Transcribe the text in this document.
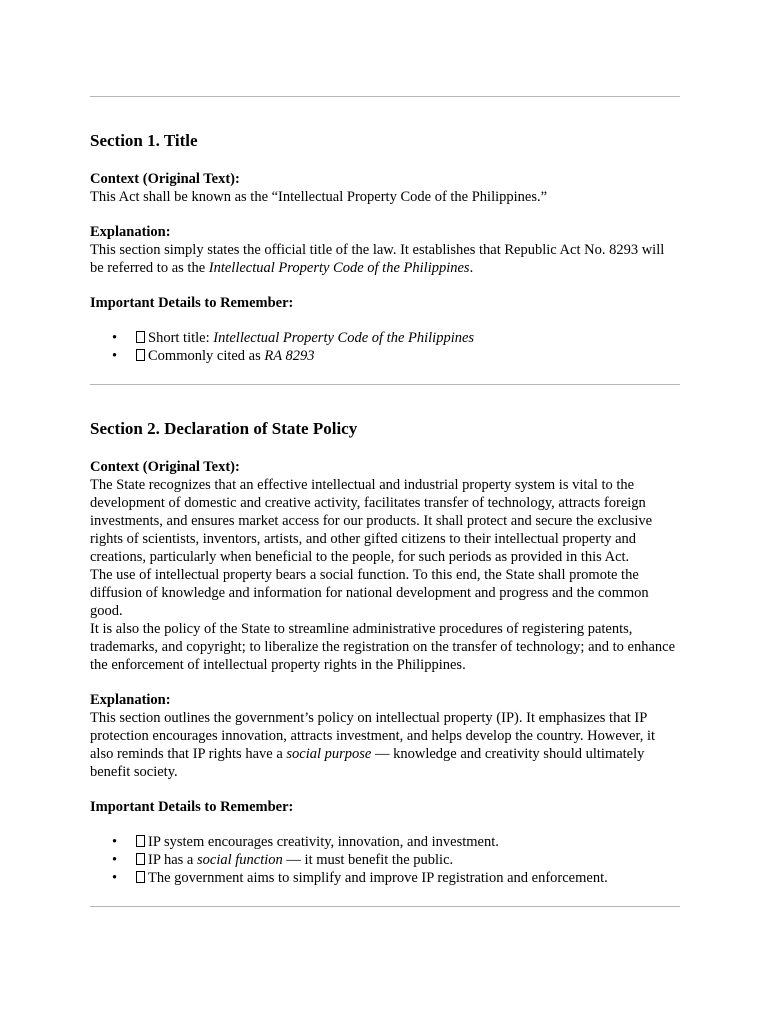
Section 1. Title

Context (Original Text):

This Act shall be known as the “Intellectual Property Code of the Philippines.”

Explanation:

This section simply states the official title of the law. It establishes that Republic Act No. 8293 will be referred to as the Intellectual Property Code of the Philippines.

Important Details to Remember:

• Short title: Intellectual Property Code of the Philippines
• Commonly cited as RA 8293
Section 2. Declaration of State Policy

Context (Original Text):

The State recognizes that an effective intellectual and industrial property system is vital to the development of domestic and creative activity, facilitates transfer of technology, attracts foreign investments, and ensures market access for our products. It shall protect and secure the exclusive rights of scientists, inventors, artists, and other gifted citizens to their intellectual property and creations, particularly when beneficial to the people, for such periods as provided in this Act.

The use of intellectual property bears a social function. To this end, the State shall promote the diffusion of knowledge and information for national development and progress and the common good.

It is also the policy of the State to streamline administrative procedures of registering patents, trademarks, and copyright; to liberalize the registration on the transfer of technology; and to enhance the enforcement of intellectual property rights in the Philippines.

Explanation:

This section outlines the government’s policy on intellectual property (IP). It emphasizes that IP protection encourages innovation, attracts investment, and helps develop the country. However, it also reminds that IP rights have a social purpose — knowledge and creativity should ultimately benefit society.

Important Details to Remember:

• IP system encourages creativity, innovation, and investment.
• IP has a social function — it must benefit the public.
• The government aims to simplify and improve IP registration and enforcement.
